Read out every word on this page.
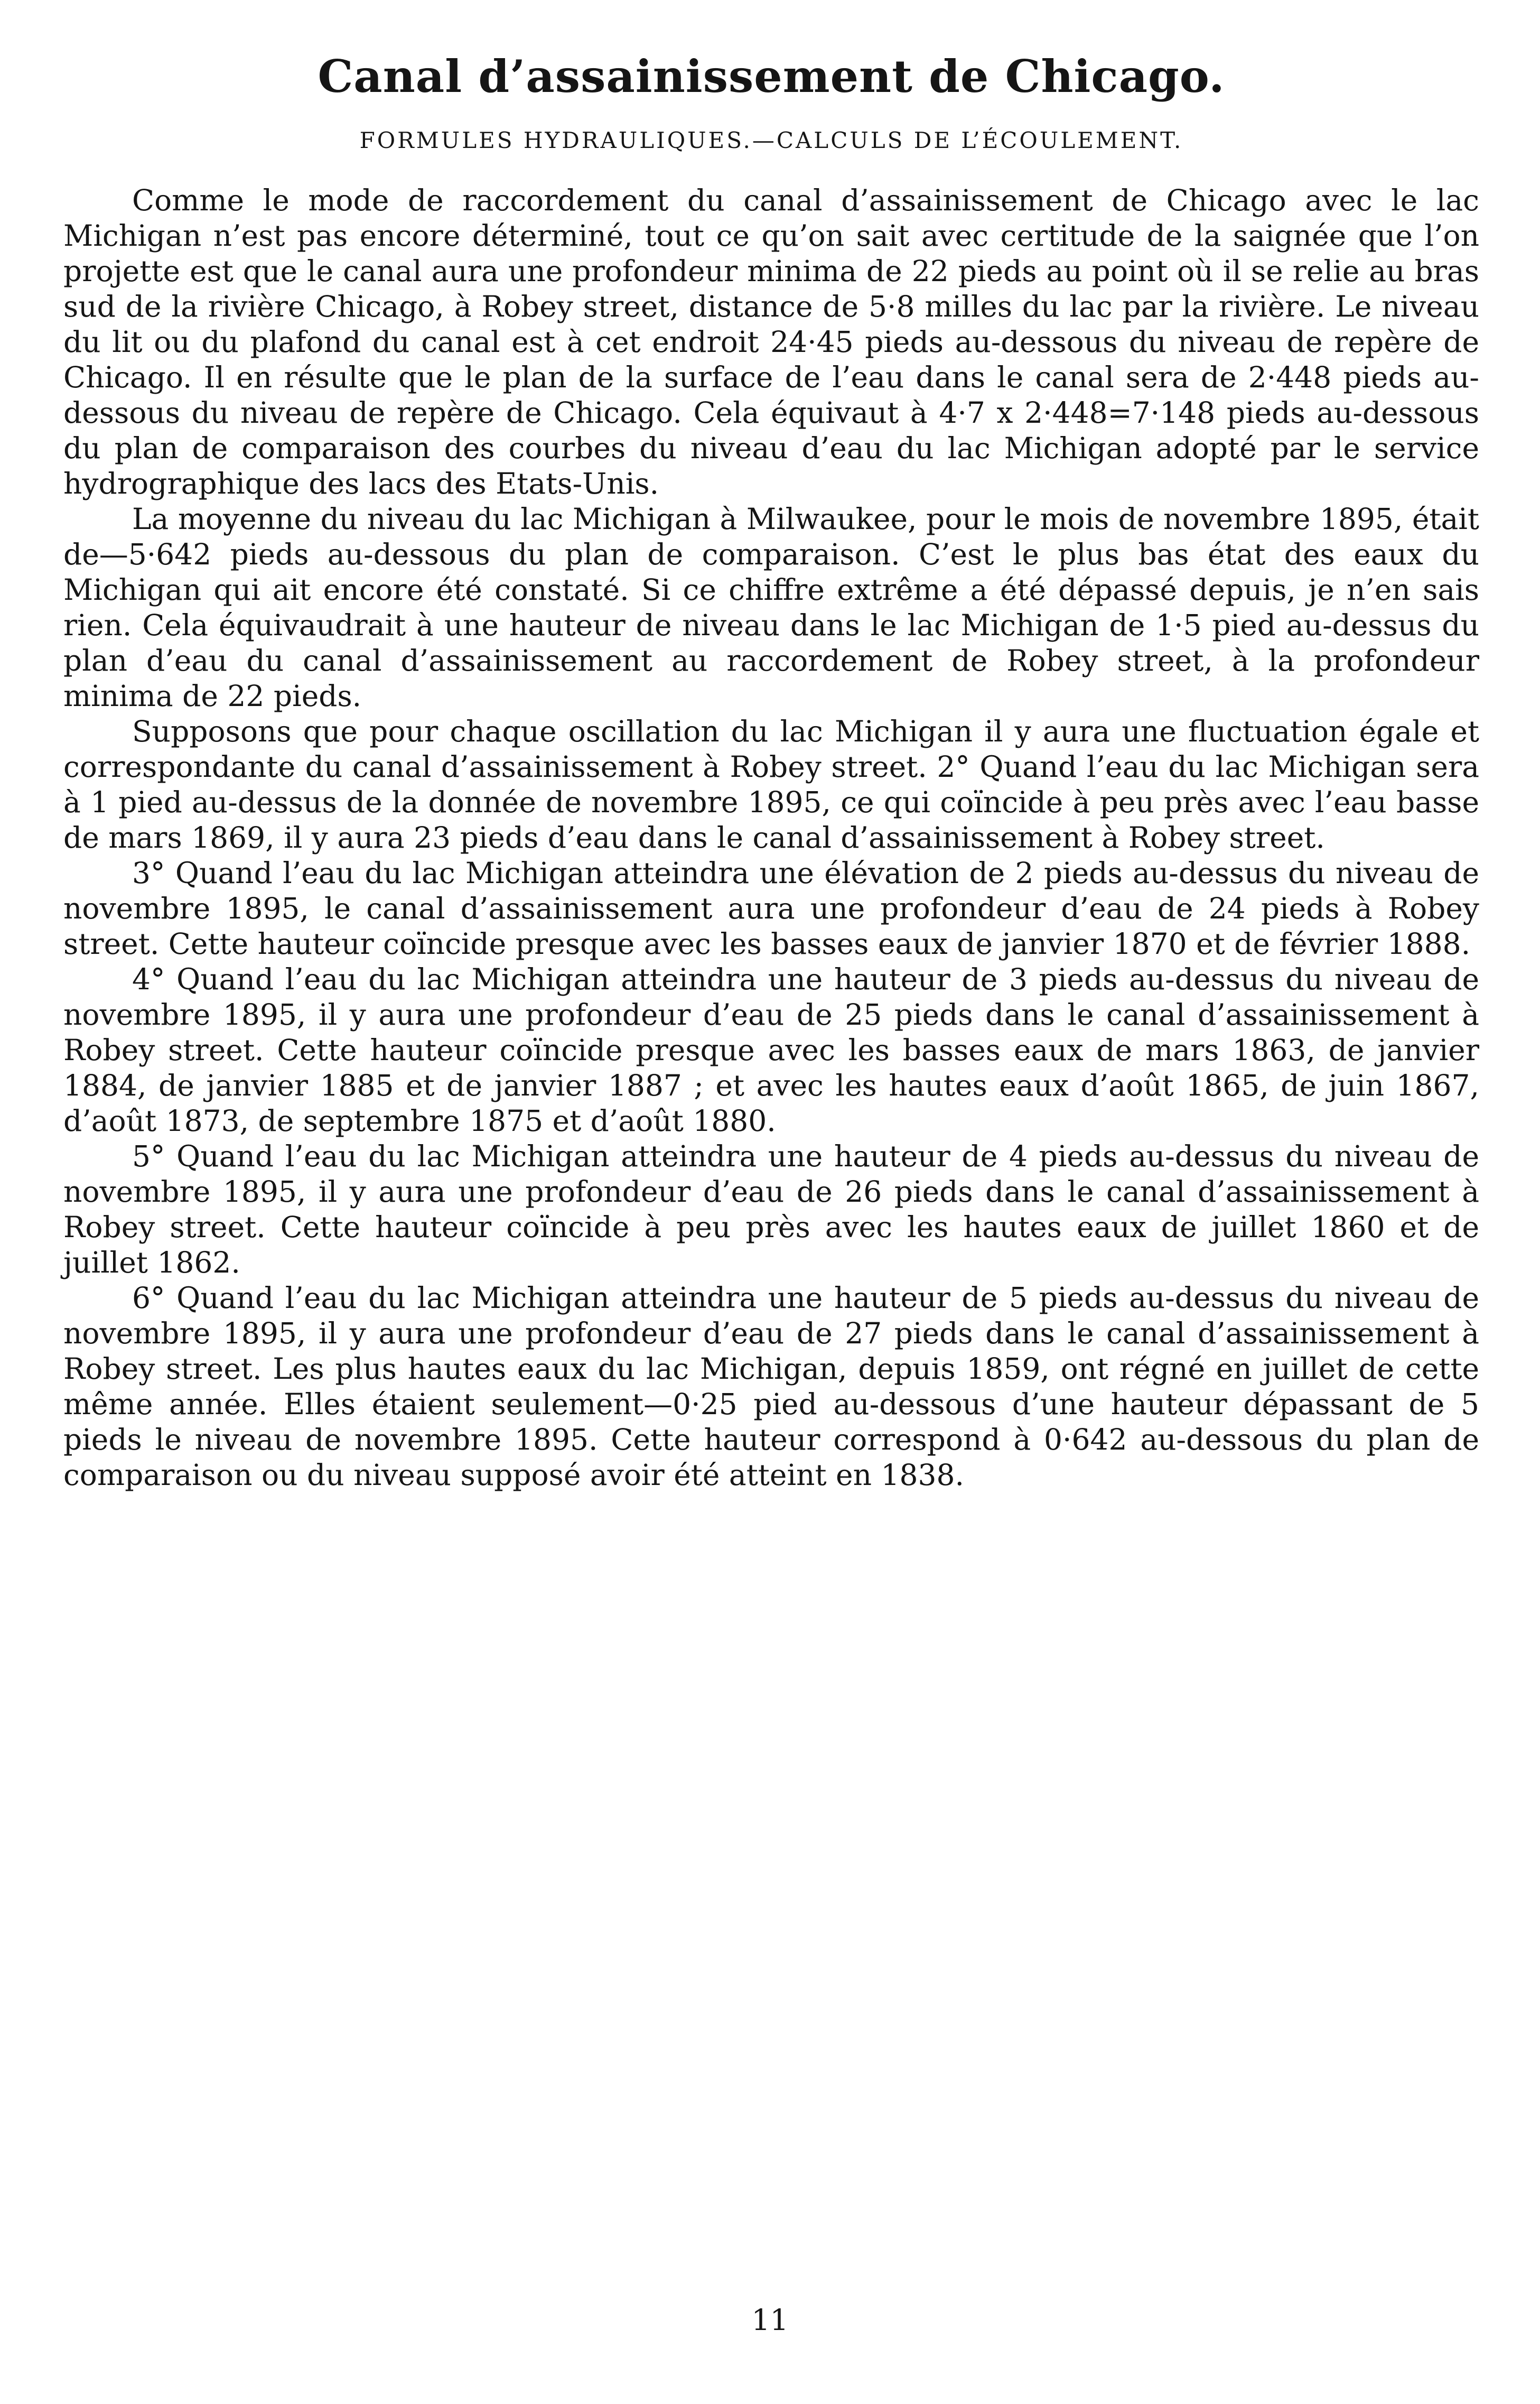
Canal d’assainissement de Chicago.
FORMULES HYDRAULIQUES.—CALCULS DE L’ÉCOULEMENT.

Comme le mode de raccordement du canal d’assainissement de Chicago avec le lac Michigan n’est pas encore déterminé, tout ce qu’on sait avec certitude de la saignée que l’on projette est que le canal aura une profondeur minima de 22 pieds au point où il se relie au bras sud de la rivière Chicago, à Robey street, distance de 5·8 milles du lac par la rivière. Le niveau du lit ou du plafond du canal est à cet endroit 24·45 pieds au-dessous du niveau de repère de Chicago. Il en résulte que le plan de la surface de l’eau dans le canal sera de 2·448 pieds au-dessous du niveau de repère de Chicago. Cela équivaut à 4·7 x 2·448=7·148 pieds au-dessous du plan de comparaison des courbes du niveau d’eau du lac Michigan adopté par le service hydrographique des lacs des Etats-Unis.

La moyenne du niveau du lac Michigan à Milwaukee, pour le mois de novembre 1895, était de—5·642 pieds au-dessous du plan de comparaison. C’est le plus bas état des eaux du Michigan qui ait encore été constaté. Si ce chiffre extrême a été dépassé depuis, je n’en sais rien. Cela équivaudrait à une hauteur de niveau dans le lac Michigan de 1·5 pied au-dessus du plan d’eau du canal d’assainissement au raccordement de Robey street, à la profondeur minima de 22 pieds.

Supposons que pour chaque oscillation du lac Michigan il y aura une fluctuation égale et correspondante du canal d’assainissement à Robey street. 2° Quand l’eau du lac Michigan sera à 1 pied au-dessus de la donnée de novembre 1895, ce qui coïncide à peu près avec l’eau basse de mars 1869, il y aura 23 pieds d’eau dans le canal d’assainissement à Robey street.

3° Quand l’eau du lac Michigan atteindra une élévation de 2 pieds au-dessus du niveau de novembre 1895, le canal d’assainissement aura une profondeur d’eau de 24 pieds à Robey street. Cette hauteur coïncide presque avec les basses eaux de janvier 1870 et de février 1888.

4° Quand l’eau du lac Michigan atteindra une hauteur de 3 pieds au-dessus du niveau de novembre 1895, il y aura une profondeur d’eau de 25 pieds dans le canal d’assainissement à Robey street. Cette hauteur coïncide presque avec les basses eaux de mars 1863, de janvier 1884, de janvier 1885 et de janvier 1887 ; et avec les hautes eaux d’août 1865, de juin 1867, d’août 1873, de septembre 1875 et d’août 1880.

5° Quand l’eau du lac Michigan atteindra une hauteur de 4 pieds au-dessus du niveau de novembre 1895, il y aura une profondeur d’eau de 26 pieds dans le canal d’assainissement à Robey street. Cette hauteur coïncide à peu près avec les hautes eaux de juillet 1860 et de juillet 1862.

6° Quand l’eau du lac Michigan atteindra une hauteur de 5 pieds au-dessus du niveau de novembre 1895, il y aura une profondeur d’eau de 27 pieds dans le canal d’assainissement à Robey street. Les plus hautes eaux du lac Michigan, depuis 1859, ont régné en juillet de cette même année. Elles étaient seulement—0·25 pied au-dessous d’une hauteur dépassant de 5 pieds le niveau de novembre 1895. Cette hauteur correspond à 0·642 au-dessous du plan de comparaison ou du niveau supposé avoir été atteint en 1838.

11
